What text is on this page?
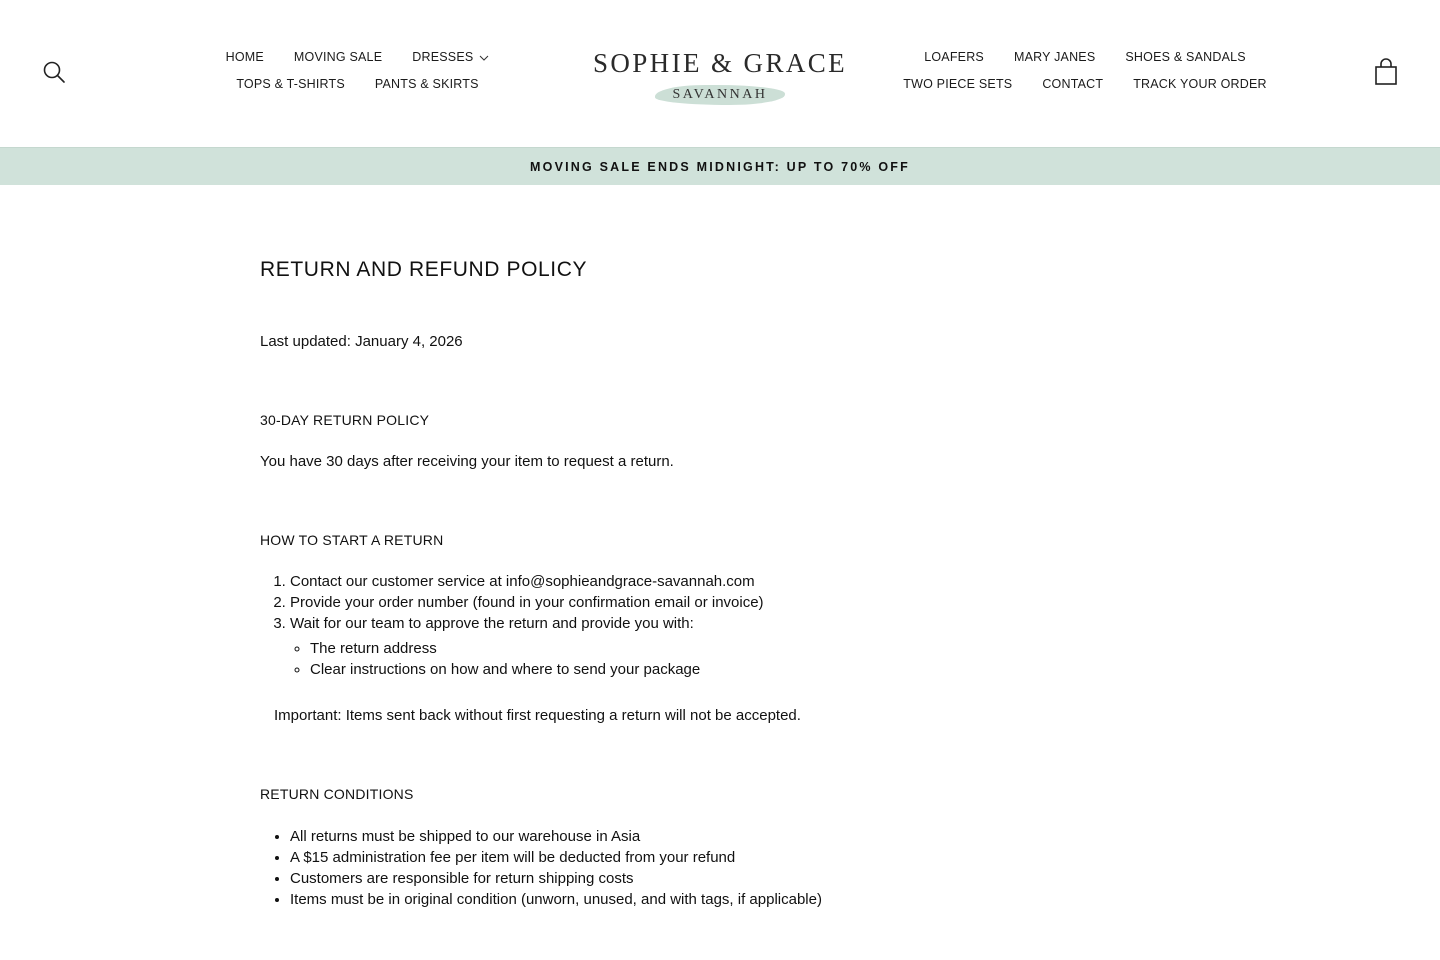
HOME	MOVING SALE	DRESSES
TOPS & T-SHIRTS	PANTS & SKIRTS
SOPHIE & GRACE
SAVANNAH
LOAFERS	MARY JANES	SHOES & SANDALS
TWO PIECE SETS	CONTACT	TRACK YOUR ORDER
MOVING SALE ENDS MIDNIGHT: UP TO 70% OFF
RETURN AND REFUND POLICY
Last updated: January 4, 2026
30-DAY RETURN POLICY
You have 30 days after receiving your item to request a return.
HOW TO START A RETURN
1. Contact our customer service at info@sophieandgrace-savannah.com
2. Provide your order number (found in your confirmation email or invoice)
3. Wait for our team to approve the return and provide you with:
◦ The return address
◦ Clear instructions on how and where to send your package
Important: Items sent back without first requesting a return will not be accepted.
RETURN CONDITIONS
• All returns must be shipped to our warehouse in Asia
• A $15 administration fee per item will be deducted from your refund
• Customers are responsible for return shipping costs
• Items must be in original condition (unworn, unused, and with tags, if applicable)
